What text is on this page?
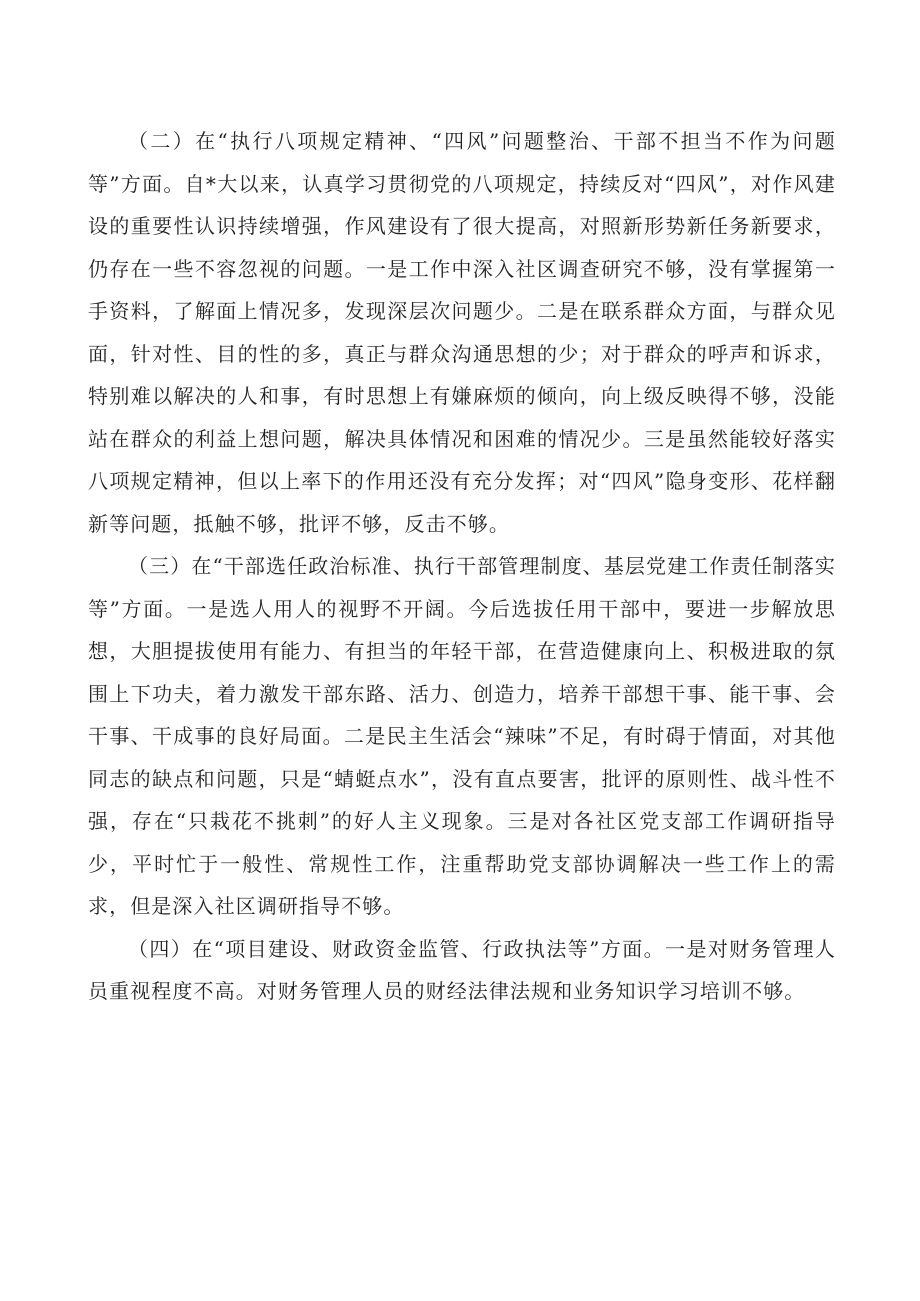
（二）在“执行八项规定精神、“四风”问题整治、干部不担当不作为问题等”方面。自*大以来，认真学习贯彻党的八项规定，持续反对“四风”，对作风建设的重要性认识持续增强，作风建设有了很大提高，对照新形势新任务新要求，仍存在一些不容忽视的问题。一是工作中深入社区调查研究不够，没有掌握第一手资料，了解面上情况多，发现深层次问题少。二是在联系群众方面，与群众见面，针对性、目的性的多，真正与群众沟通思想的少；对于群众的呼声和诉求，特别难以解决的人和事，有时思想上有嫌麻烦的倾向，向上级反映得不够，没能站在群众的利益上想问题，解决具体情况和困难的情况少。三是虽然能较好落实八项规定精神，但以上率下的作用还没有充分发挥；对“四风”隐身变形、花样翻新等问题，抵触不够，批评不够，反击不够。

（三）在“干部选任政治标准、执行干部管理制度、基层党建工作责任制落实等”方面。一是选人用人的视野不开阔。今后选拔任用干部中，要进一步解放思想，大胆提拔使用有能力、有担当的年轻干部，在营造健康向上、积极进取的氛围上下功夫，着力激发干部东路、活力、创造力，培养干部想干事、能干事、会干事、干成事的良好局面。二是民主生活会“辣味”不足，有时碍于情面，对其他同志的缺点和问题，只是“蜻蜓点水”，没有直点要害，批评的原则性、战斗性不强，存在“只栽花不挑刺”的好人主义现象。三是对各社区党支部工作调研指导少，平时忙于一般性、常规性工作，注重帮助党支部协调解决一些工作上的需求，但是深入社区调研指导不够。

（四）在“项目建设、财政资金监管、行政执法等”方面。一是对财务管理人员重视程度不高。对财务管理人员的财经法律法规和业务知识学习培训不够。
